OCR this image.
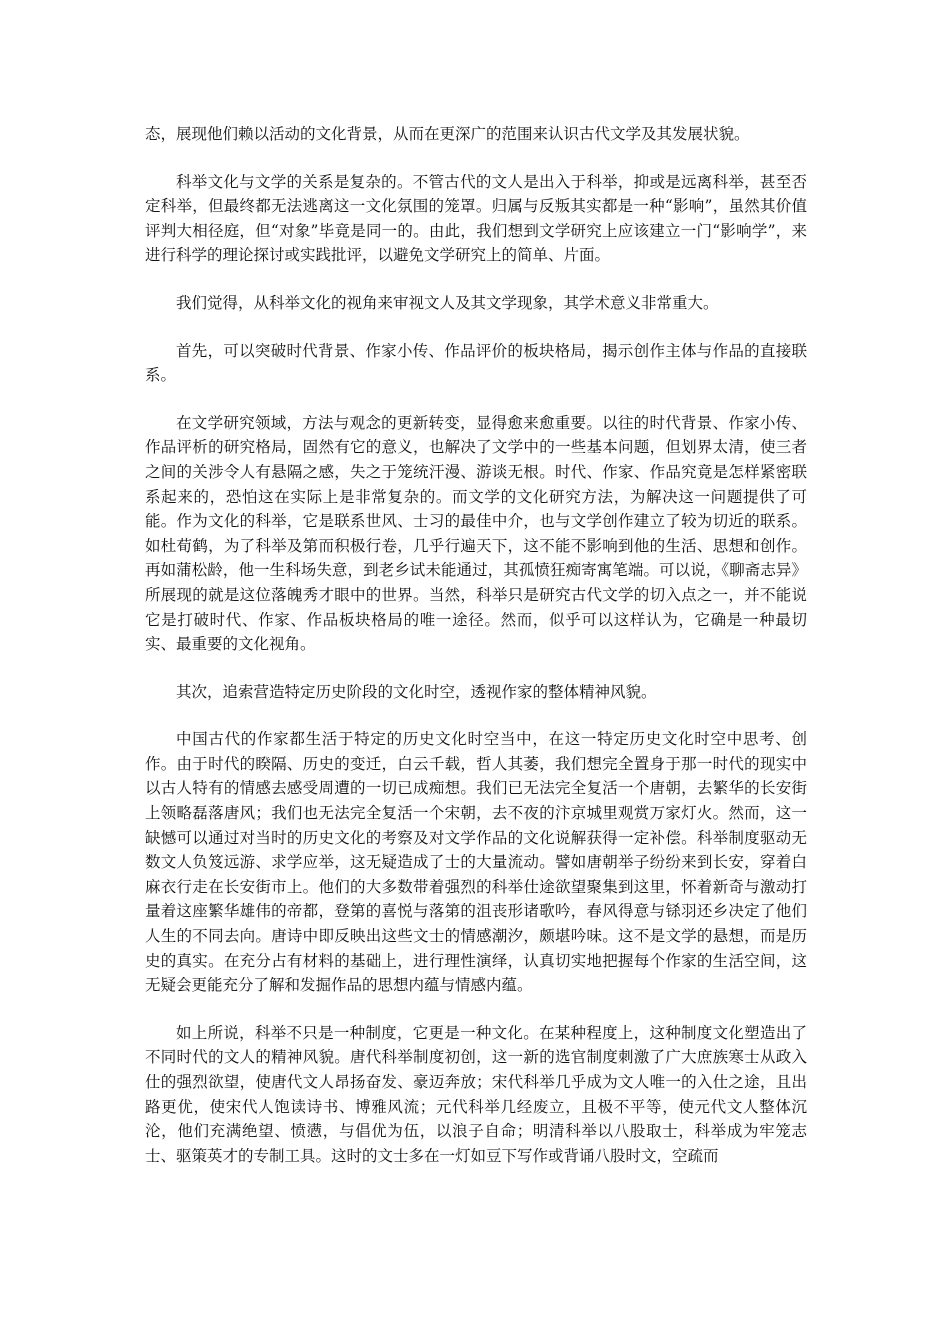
态，展现他们赖以活动的文化背景，从而在更深广的范围来认识古代文学及其发展状貌。

科举文化与文学的关系是复杂的。不管古代的文人是出入于科举，抑或是远离科举，甚至否定科举，但最终都无法逃离这一文化氛围的笼罩。归属与反叛其实都是一种“影响”，虽然其价值评判大相径庭，但“对象”毕竟是同一的。由此，我们想到文学研究上应该建立一门“影响学”，来进行科学的理论探讨或实践批评，以避免文学研究上的简单、片面。

我们觉得，从科举文化的视角来审视文人及其文学现象，其学术意义非常重大。

首先，可以突破时代背景、作家小传、作品评价的板块格局，揭示创作主体与作品的直接联系。

在文学研究领域，方法与观念的更新转变，显得愈来愈重要。以往的时代背景、作家小传、作品评析的研究格局，固然有它的意义，也解决了文学中的一些基本问题，但划界太清，使三者之间的关涉令人有悬隔之感，失之于笼统汗漫、游谈无根。时代、作家、作品究竟是怎样紧密联系起来的，恐怕这在实际上是非常复杂的。而文学的文化研究方法，为解决这一问题提供了可能。作为文化的科举，它是联系世风、士习的最佳中介，也与文学创作建立了较为切近的联系。如杜荀鹤，为了科举及第而积极行卷，几乎行遍天下，这不能不影响到他的生活、思想和创作。再如蒲松龄，他一生科场失意，到老乡试未能通过，其孤愤狂痴寄寓笔端。可以说，《聊斋志异》所展现的就是这位落魄秀才眼中的世界。当然，科举只是研究古代文学的切入点之一，并不能说它是打破时代、作家、作品板块格局的唯一途径。然而，似乎可以这样认为，它确是一种最切实、最重要的文化视角。

其次，追索营造特定历史阶段的文化时空，透视作家的整体精神风貌。

中国古代的作家都生活于特定的历史文化时空当中，在这一特定历史文化时空中思考、创作。由于时代的睽隔、历史的变迁，白云千载，哲人其萎，我们想完全置身于那一时代的现实中以古人特有的情感去感受周遭的一切已成痴想。我们已无法完全复活一个唐朝，去繁华的长安街上领略磊落唐风；我们也无法完全复活一个宋朝，去不夜的汴京城里观赏万家灯火。然而，这一缺憾可以通过对当时的历史文化的考察及对文学作品的文化说解获得一定补偿。科举制度驱动无数文人负笈远游、求学应举，这无疑造成了士的大量流动。譬如唐朝举子纷纷来到长安，穿着白麻衣行走在长安街市上。他们的大多数带着强烈的科举仕途欲望聚集到这里，怀着新奇与激动打量着这座繁华雄伟的帝都，登第的喜悦与落第的沮丧形诸歌吟，春风得意与铩羽还乡决定了他们人生的不同去向。唐诗中即反映出这些文士的情感潮汐，颇堪吟味。这不是文学的悬想，而是历史的真实。在充分占有材料的基础上，进行理性演绎，认真切实地把握每个作家的生活空间，这无疑会更能充分了解和发掘作品的思想内蕴与情感内蕴。

如上所说，科举不只是一种制度，它更是一种文化。在某种程度上，这种制度文化塑造出了不同时代的文人的精神风貌。唐代科举制度初创，这一新的选官制度刺激了广大庶族寒士从政入仕的强烈欲望，使唐代文人昂扬奋发、豪迈奔放；宋代科举几乎成为文人唯一的入仕之途，且出路更优，使宋代人饱读诗书、博雅风流；元代科举几经废立，且极不平等，使元代文人整体沉沦，他们充满绝望、愤懑，与倡优为伍，以浪子自命；明清科举以八股取士，科举成为牢笼志士、驱策英才的专制工具。这时的文士多在一灯如豆下写作或背诵八股时文，空疏而
